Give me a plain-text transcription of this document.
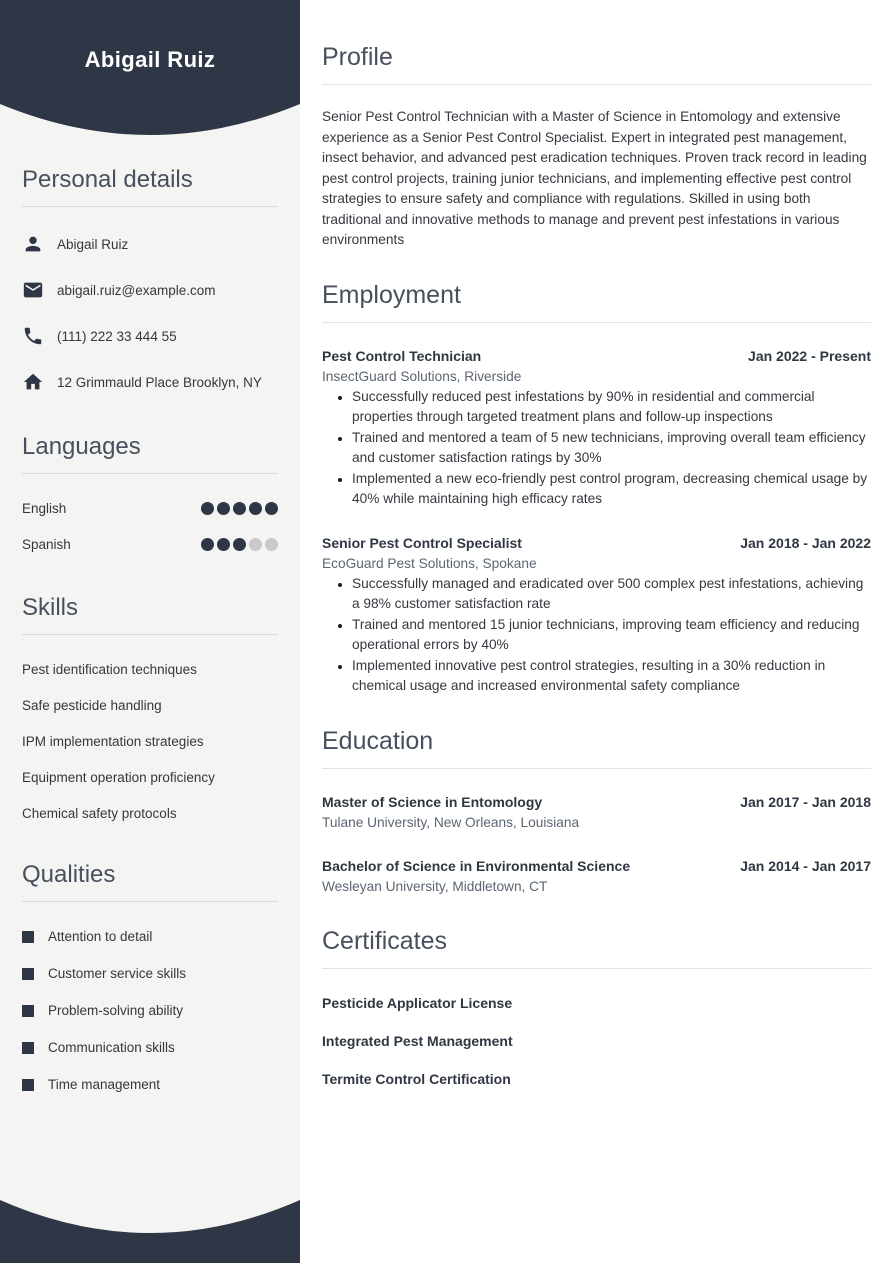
Abigail Ruiz
Personal details
Abigail Ruiz
abigail.ruiz@example.com
(111) 222 33 444 55
12 Grimmauld Place Brooklyn, NY
Languages
English
Spanish
Skills
Pest identification techniques
Safe pesticide handling
IPM implementation strategies
Equipment operation proficiency
Chemical safety protocols
Qualities
Attention to detail
Customer service skills
Problem-solving ability
Communication skills
Time management
Profile

Senior Pest Control Technician with a Master of Science in Entomology and extensive experience as a Senior Pest Control Specialist. Expert in integrated pest management, insect behavior, and advanced pest eradication techniques. Proven track record in leading pest control projects, training junior technicians, and implementing effective pest control strategies to ensure safety and compliance with regulations. Skilled in using both traditional and innovative methods to manage and prevent pest infestations in various environments

Employment
Pest Control Technician	Jan 2022 - Present
InsectGuard Solutions, Riverside
• Successfully reduced pest infestations by 90% in residential and commercial properties through targeted treatment plans and follow-up inspections
• Trained and mentored a team of 5 new technicians, improving overall team efficiency and customer satisfaction ratings by 30%
• Implemented a new eco-friendly pest control program, decreasing chemical usage by 40% while maintaining high efficacy rates
Senior Pest Control Specialist	Jan 2018 - Jan 2022
EcoGuard Pest Solutions, Spokane
• Successfully managed and eradicated over 500 complex pest infestations, achieving a 98% customer satisfaction rate
• Trained and mentored 15 junior technicians, improving team efficiency and reducing operational errors by 40%
• Implemented innovative pest control strategies, resulting in a 30% reduction in chemical usage and increased environmental safety compliance
Education
Master of Science in Entomology	Jan 2017 - Jan 2018
Tulane University, New Orleans, Louisiana
Bachelor of Science in Environmental Science	Jan 2014 - Jan 2017
Wesleyan University, Middletown, CT
Certificates
Pesticide Applicator License
Integrated Pest Management
Termite Control Certification
